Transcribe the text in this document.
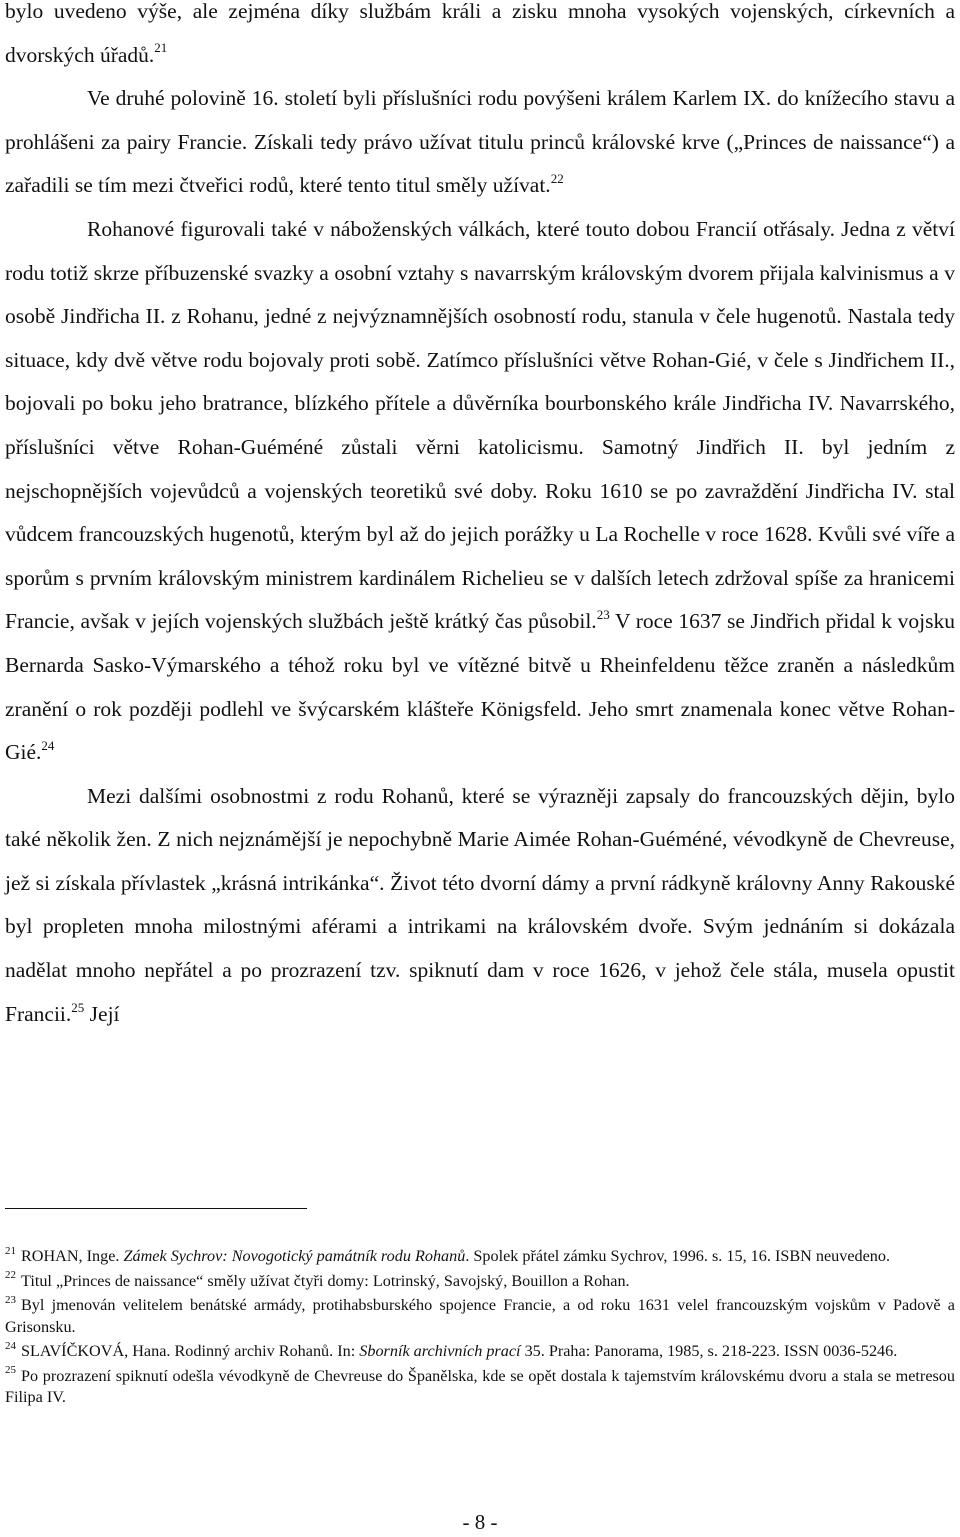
bylo uvedeno výše, ale zejména díky službám králi a zisku mnoha vysokých vojenských, církevních a dvorských úřadů.$^{21}$

Ve druhé polovině 16. století byli příslušníci rodu povýšeni králem Karlem IX. do knížecího stavu a prohlášeni za pairy Francie. Získali tedy právo užívat titulu princů královské krve („Princes de naissance“) a zařadili se tím mezi čtveřici rodů, které tento titul směly užívat.$^{22}$

Rohanové figurovali také v náboženských válkách, které touto dobou Francií otřásaly. Jedna z větví rodu totiž skrze příbuzenské svazky a osobní vztahy s navarrským královským dvorem přijala kalvinismus a v osobě Jindřicha II. z Rohanu, jedné z nejvýznamnějších osobností rodu, stanula v čele hugenotů. Nastala tedy situace, kdy dvě větve rodu bojovaly proti sobě. Zatímco příslušníci větve Rohan-Gié, v čele s Jindřichem II., bojovali po boku jeho bratrance, blízkého přítele a důvěrníka bourbonského krále Jindřicha IV. Navarrského, příslušníci větve Rohan-Guéméné zůstali věrni katolicismu. Samotný Jindřich II. byl jedním z nejschopnějších vojevůdců a vojenských teoretiků své doby. Roku 1610 se po zavraždění Jindřicha IV. stal vůdcem francouzských hugenotů, kterým byl až do jejich porážky u La Rochelle v roce 1628. Kvůli své víře a sporům s prvním královským ministrem kardinálem Richelieu se v dalších letech zdržoval spíše za hranicemi Francie, avšak v jejích vojenských službách ještě krátký čas působil.$^{23}$ V roce 1637 se Jindřich přidal k vojsku Bernarda Sasko-Výmarského a téhož roku byl ve vítězné bitvě u Rheinfeldenu těžce zraněn a následkům zranění o rok později podlehl ve švýcarském klášteře Königsfeld. Jeho smrt znamenala konec větve Rohan-Gié.$^{24}$

Mezi dalšími osobnostmi z rodu Rohanů, které se výrazněji zapsaly do francouzských dějin, bylo také několik žen. Z nich nejznámější je nepochybně Marie Aimée Rohan-Guéméné, vévodkyně de Chevreuse, jež si získala přívlastek „krásná intrikánka“. Život této dvorní dámy a první rádkyně královny Anny Rakouské byl propleten mnoha milostnými aférami a intrikami na královském dvoře. Svým jednáním si dokázala nadělat mnoho nepřátel a po prozrazení tzv. spiknutí dam v roce 1626, v jehož čele stála, musela opustit Francii.$^{25}$ Její

$^{21}$ ROHAN, Inge. Zámek Sychrov: Novogotický památník rodu Rohanů. Spolek přátel zámku Sychrov, 1996. s. 15, 16. ISBN neuvedeno.

$^{22}$ Titul „Princes de naissance“ směly užívat čtyři domy: Lotrinský, Savojský, Bouillon a Rohan.

$^{23}$ Byl jmenován velitelem benátské armády, protihabsburského spojence Francie, a od roku 1631 velel francouzským vojskům v Padově a Grisonsku.

$^{24}$ SLAVÍČKOVÁ, Hana. Rodinný archiv Rohanů. In: Sborník archivních prací 35. Praha: Panorama, 1985, s. 218-223. ISSN 0036-5246.

$^{25}$ Po prozrazení spiknutí odešla vévodkyně de Chevreuse do Španělska, kde se opět dostala k tajemstvím královskému dvoru a stala se metresou Filipa IV.

- 8 -
